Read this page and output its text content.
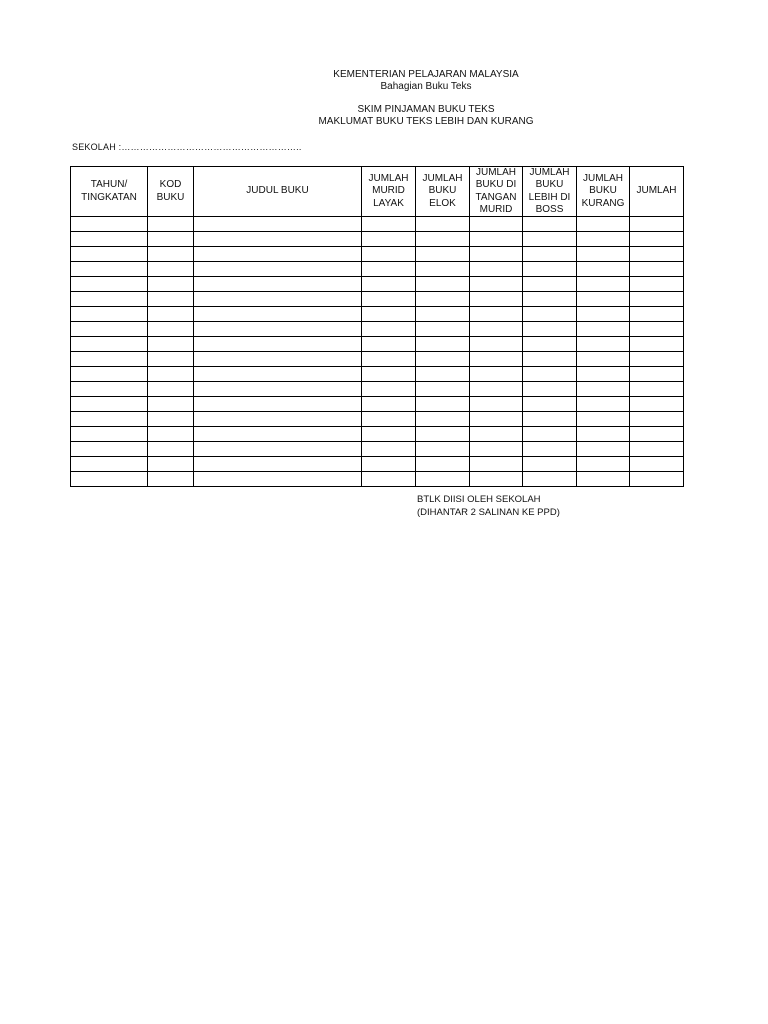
KEMENTERIAN PELAJARAN MALAYSIA
Bahagian Buku Teks
SKIM PINJAMAN BUKU TEKS
MAKLUMAT BUKU TEKS LEBIH DAN KURANG
SEKOLAH :…………………………………………………..
TAHUN/ TINGKATAN	KOD BUKU	JUDUL BUKU	JUMLAH MURID LAYAK	JUMLAH BUKU ELOK	JUMLAH BUKU DI TANGAN MURID	JUMLAH BUKU LEBIH DI BOSS	JUMLAH BUKU KURANG	JUMLAH

BTLK DIISI OLEH SEKOLAH
(DIHANTAR 2 SALINAN KE PPD)
